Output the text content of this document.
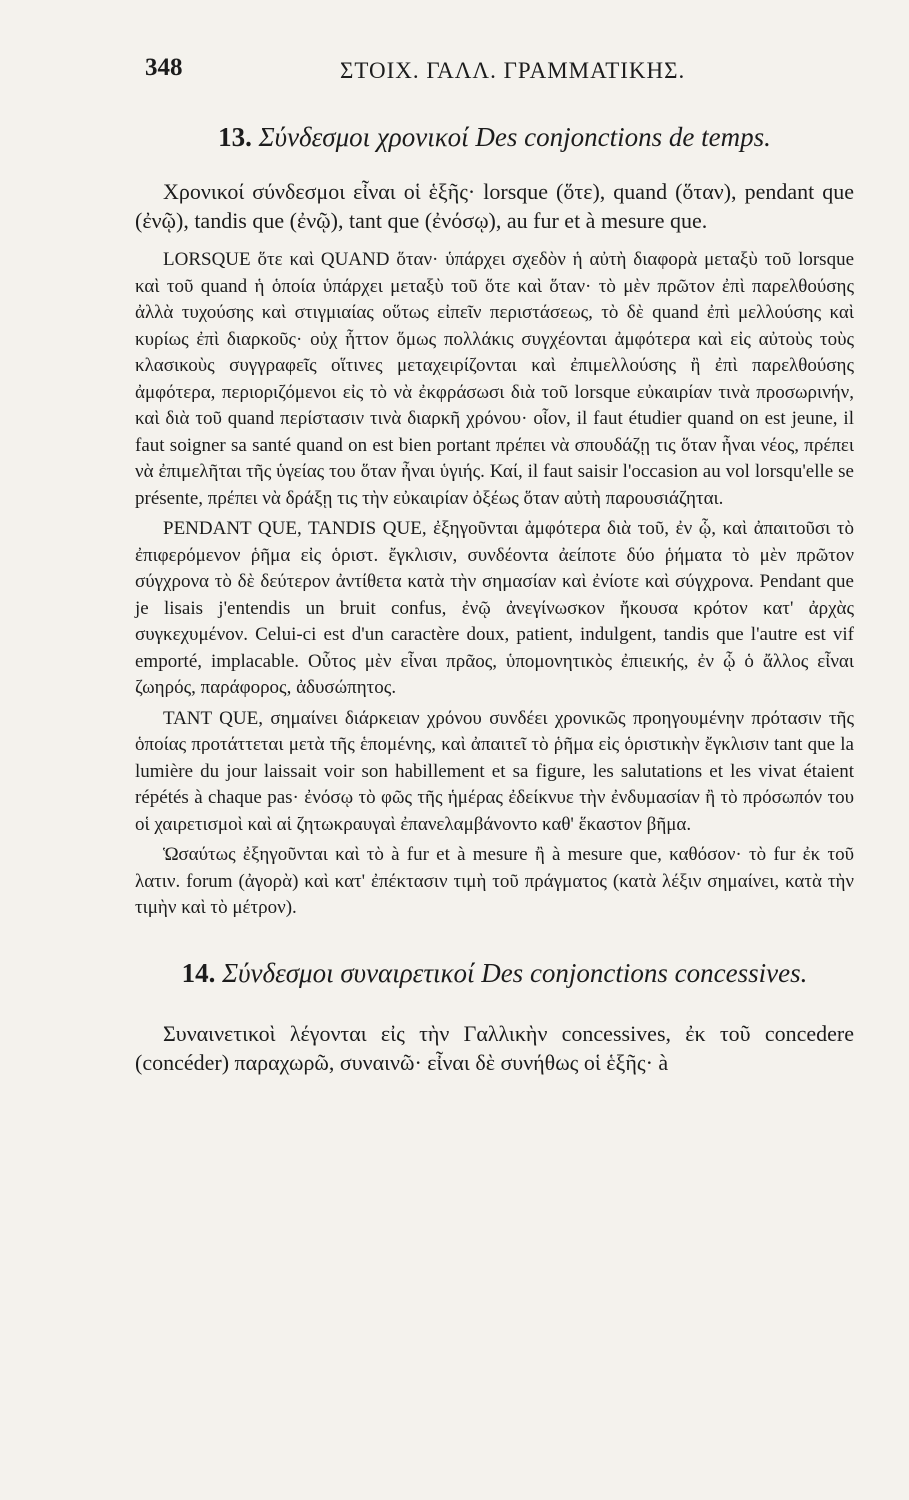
348	ΣΤΟΙΧ. ΓΑΛΛ. ΓΡΑΜΜΑΤΙΚΗΣ.
13. Σύνδεσμοι χρονικοί Des conjonctions de temps.

Χρονικοί σύνδεσμοι εἶναι οἱ ἑξῆς· lorsque (ὅτε), quand (ὅταν), pendant que (ἐνῷ), tandis que (ἐνῷ), tant que (ἐνόσῳ), au fur et à mesure que.

LORSQUE ὅτε καὶ QUAND ὅταν· ὑπάρχει σχεδὸν ἡ αὐτὴ διαφορὰ μεταξὺ τοῦ lorsque καὶ τοῦ quand ἡ ὁποία ὑπάρχει μεταξὺ τοῦ ὅτε καὶ ὅταν· τὸ μὲν πρῶτον ἐπὶ παρελθούσης ἀλλὰ τυχούσης καὶ στιγμιαίας οὕτως εἰπεῖν περιστάσεως, τὸ δὲ quand ἐπὶ μελλούσης καὶ κυρίως ἐπὶ διαρκοῦς· οὐχ ἧττον ὅμως πολλάκις συγχέονται ἀμφότερα καὶ εἰς αὐτοὺς τοὺς κλασικοὺς συγγραφεῖς οἵτινες μεταχειρίζονται καὶ ἐπιμελλούσης ἢ ἐπὶ παρελθούσης ἀμφότερα, περιοριζόμενοι εἰς τὸ νὰ ἐκφράσωσι διὰ τοῦ lorsque εὐκαιρίαν τινὰ προσωρινήν, καὶ διὰ τοῦ quand περίστασιν τινὰ διαρκῆ χρόνου· οἷον, il faut étudier quand on est jeune, il faut soigner sa santé quand on est bien portant πρέπει νὰ σπουδάζῃ τις ὅταν ἦναι νέος, πρέπει νὰ ἐπιμελῆται τῆς ὑγείας του ὅταν ἦναι ὑγιής. Καί, il faut saisir l'occasion au vol lorsqu'elle se présente, πρέπει νὰ δράξῃ τις τὴν εὐκαιρίαν ὀξέως ὅταν αὐτὴ παρουσιάζηται.

PENDANT QUE, TANDIS QUE, ἐξηγοῦνται ἀμφότερα διὰ τοῦ, ἐν ᾧ, καὶ ἀπαιτοῦσι τὸ ἐπιφερόμενον ῥῆμα εἰς ὁριστ. ἔγκλισιν, συνδέοντα ἀείποτε δύο ῥήματα τὸ μὲν πρῶτον σύγχρονα τὸ δὲ δεύτερον ἀντίθετα κατὰ τὴν σημασίαν καὶ ἐνίοτε καὶ σύγχρονα. Pendant que je lisais j'entendis un bruit confus, ἐνῷ ἀνεγίνωσκον ἤκουσα κρότον κατ' ἀρχὰς συγκεχυμένον. Celui-ci est d'un caractère doux, patient, indulgent, tandis que l'autre est vif emporté, implacable. Οὗτος μὲν εἶναι πρᾶος, ὑπομονητικὸς ἐπιεικής, ἐν ᾧ ὁ ἄλλος εἶναι ζωηρός, παράφορος, ἀδυσώπητος.

TANT QUE, σημαίνει διάρκειαν χρόνου συνδέει χρονικῶς προηγουμένην πρότασιν τῆς ὁποίας προτάττεται μετὰ τῆς ἑπομένης, καὶ ἀπαιτεῖ τὸ ῥῆμα εἰς ὁριστικὴν ἔγκλισιν tant que la lumière du jour laissait voir son habillement et sa figure, les salutations et les vivat étaient répétés à chaque pas· ἐνόσῳ τὸ φῶς τῆς ἡμέρας ἐδείκνυε τὴν ἐνδυμασίαν ἢ τὸ πρόσωπόν του οἱ χαιρετισμοὶ καὶ αἱ ζητωκραυγαὶ ἐπανελαμβάνοντο καθ' ἕκαστον βῆμα.

Ὡσαύτως ἐξηγοῦνται καὶ τὸ à fur et à mesure ἢ à mesure que, καθόσον· τὸ fur ἐκ τοῦ λατιν. forum (ἀγορὰ) καὶ κατ' ἐπέκτασιν τιμὴ τοῦ πράγματος (κατὰ λέξιν σημαίνει, κατὰ τὴν τιμὴν καὶ τὸ μέτρον).

14. Σύνδεσμοι συναιρετικοί Des conjonctions concessives.

Συναινετικοὶ λέγονται εἰς τὴν Γαλλικὴν concessives, ἐκ τοῦ concedere (concéder) παραχωρῶ, συναινῶ· εἶναι δὲ συνήθως οἱ ἑξῆς· à
